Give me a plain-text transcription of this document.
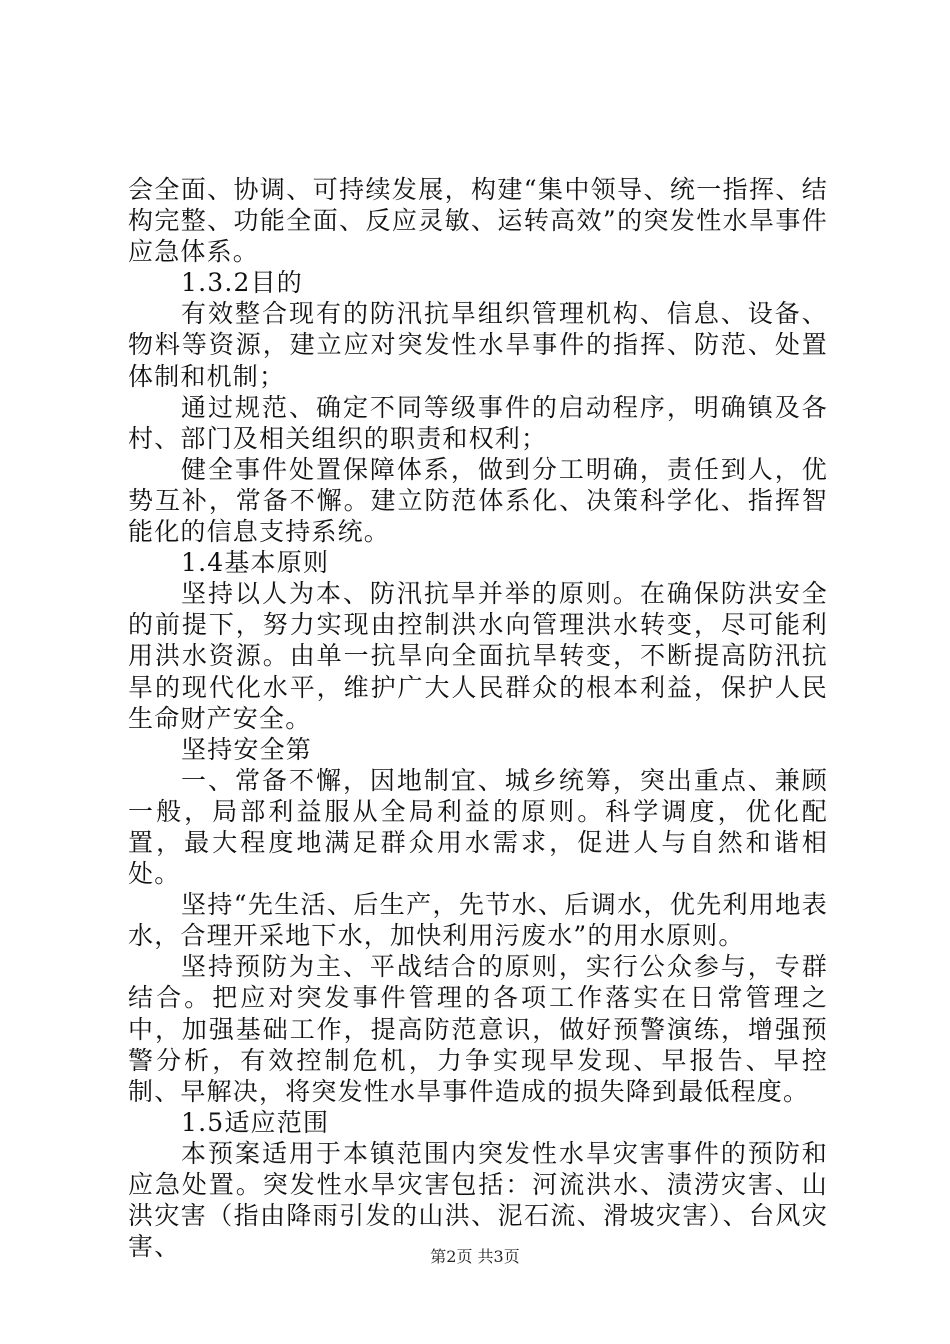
会全面、协调、可持续发展，构建“集中领导、统一指挥、结构完整、功能全面、反应灵敏、运转高效”的突发性水旱事件应急体系。

1.3.2目的

有效整合现有的防汛抗旱组织管理机构、信息、设备、物料等资源，建立应对突发性水旱事件的指挥、防范、处置体制和机制；

通过规范、确定不同等级事件的启动程序，明确镇及各村、部门及相关组织的职责和权利；

健全事件处置保障体系，做到分工明确，责任到人，优势互补，常备不懈。建立防范体系化、决策科学化、指挥智能化的信息支持系统。

1.4基本原则

坚持以人为本、防汛抗旱并举的原则。在确保防洪安全的前提下，努力实现由控制洪水向管理洪水转变，尽可能利用洪水资源。由单一抗旱向全面抗旱转变，不断提高防汛抗旱的现代化水平，维护广大人民群众的根本利益，保护人民生命财产安全。

坚持安全第

一、常备不懈，因地制宜、城乡统筹，突出重点、兼顾一般，局部利益服从全局利益的原则。科学调度，优化配置，最大程度地满足群众用水需求，促进人与自然和谐相处。

坚持“先生活、后生产，先节水、后调水，优先利用地表水，合理开采地下水，加快利用污废水”的用水原则。

坚持预防为主、平战结合的原则，实行公众参与，专群结合。把应对突发事件管理的各项工作落实在日常管理之中，加强基础工作，提高防范意识，做好预警演练，增强预警分析，有效控制危机，力争实现早发现、早报告、早控制、早解决，将突发性水旱事件造成的损失降到最低程度。

1.5适应范围

本预案适用于本镇范围内突发性水旱灾害事件的预防和应急处置。突发性水旱灾害包括：河流洪水、渍涝灾害、山洪灾害（指由降雨引发的山洪、泥石流、滑坡灾害）、台风灾害、	第2页 共3页
